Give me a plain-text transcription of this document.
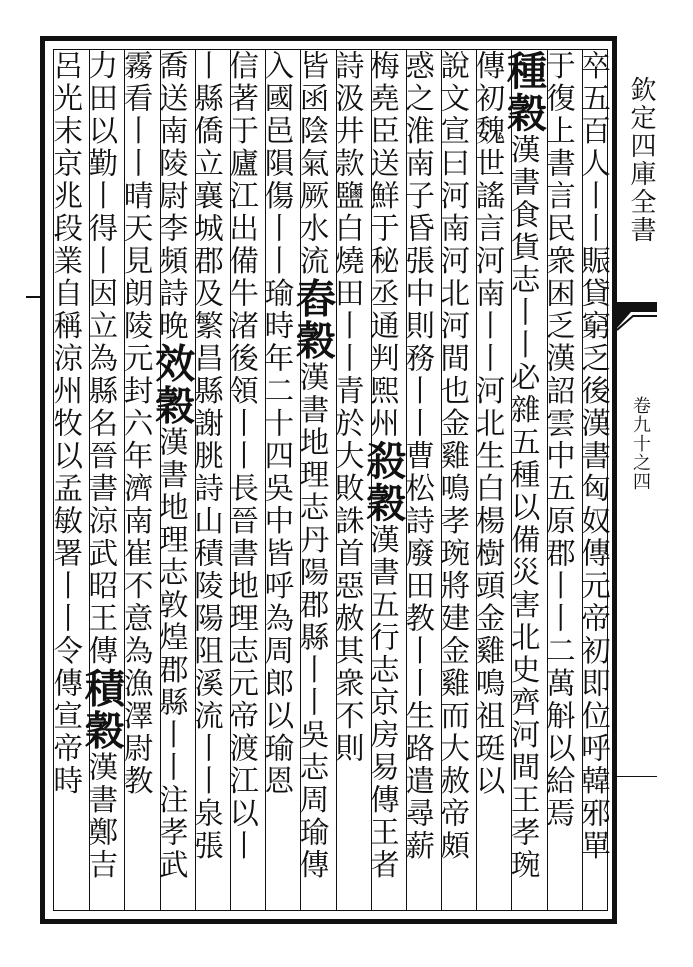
卒五百人丨丨賑貸窮乏後漢書匈奴傳元帝初即位呼韓邪單
于復上書言民衆困乏漢詔雲中五原郡丨丨二萬斛以給焉
種穀漢書食貨志丨丨必雜五種以備災害北史齊河間王孝琬
傳初魏世謠言河南丨丨河北生白楊樹頭金雞鳴祖珽以
說文宣曰河南河北河間也金雞鳴孝琬將建金雞而大赦帝頗
惑之淮南子昏張中則務丨丨曹松詩廢田教丨丨生路遣尋薪
梅堯臣送鮮于秘丞通判煕州殺穀漢書五行志京房易傳王者
詩汲井款鹽白燒田丨丨青於大敗誅首惡赦其衆不則
皆函陰氣厥水流舂穀漢書地理志丹陽郡縣丨丨吳志周瑜傳
入國邑隕傷丨丨瑜時年二十四吳中皆呼為周郎以瑜恩
信著于廬江出備牛渚後領丨丨長晉書地理志元帝渡江以丨
丨縣僑立襄城郡及繁昌縣謝朓詩山積陵陽阻溪流丨丨泉張
喬送南陵尉李頻詩晚效穀漢書地理志敦煌郡縣丨丨注孝武
霧看丨丨晴天見朗陵元封六年濟南崔不意為漁澤尉教
力田以勤丨得丨因立為縣名晉書涼武昭王傳積穀漢書鄭吉
呂光末京兆段業自稱涼州牧以孟敏署丨丨令傳宣帝時
欽定四庫全書
卷九十之四
